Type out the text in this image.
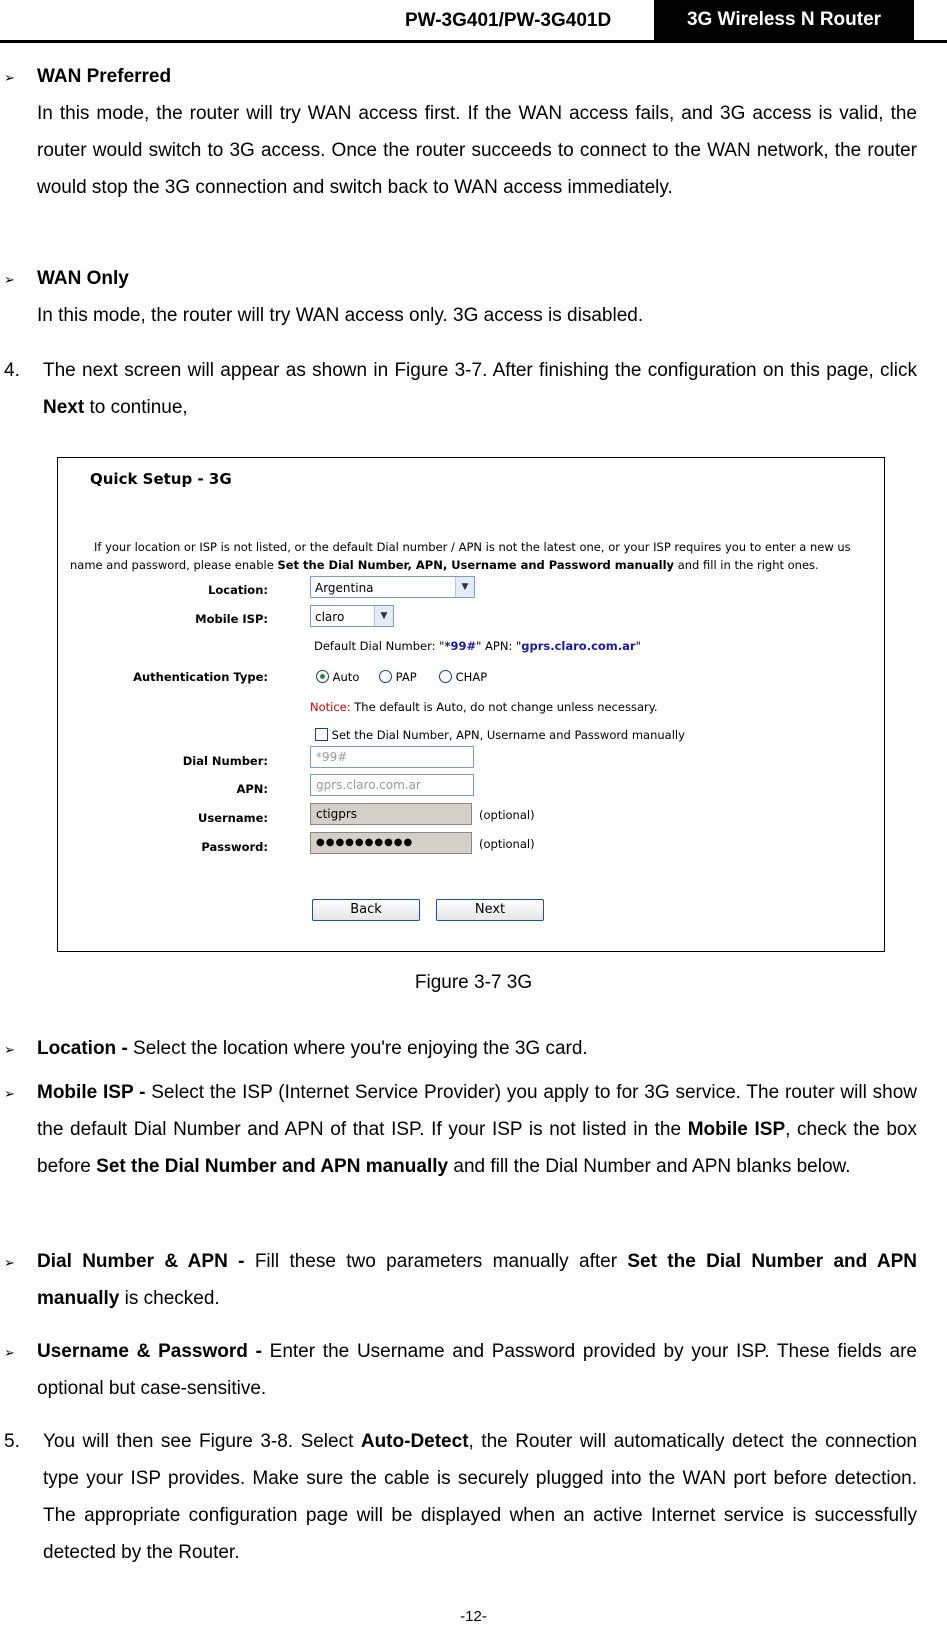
PW-3G401/PW-3G401D	3G Wireless N Router
➢ WAN Preferred
In this mode, the router will try WAN access first. If the WAN access fails, and 3G access is valid, the router would switch to 3G access. Once the router succeeds to connect to the WAN network, the router would stop the 3G connection and switch back to WAN access immediately.
➢ WAN Only
In this mode, the router will try WAN access only. 3G access is disabled.
4. The next screen will appear as shown in Figure 3-7. After finishing the configuration on this page, click Next to continue,
Quick Setup - 3G
If your location or ISP is not listed, or the default Dial number / APN is not the latest one, or your ISP requires you to enter a new us
name and password, please enable Set the Dial Number, APN, Username and Password manually and fill in the right ones.
Location:	Argentina	▼
Mobile ISP:	claro	▼
Default Dial Number: "*99#" APN: "gprs.claro.com.ar"
Authentication Type:	Auto	PAP	CHAP
Notice: The default is Auto, do not change unless necessary.
Set the Dial Number, APN, Username and Password manually
Dial Number:	*99#
APN:	gprs.claro.com.ar
Username:	ctigprs	(optional)
Password:	●●●●●●●●●●	(optional)
Back	Next
Figure 3-7 3G
➢ Location - Select the location where you're enjoying the 3G card.
➢ Mobile ISP - Select the ISP (Internet Service Provider) you apply to for 3G service. The router will show the default Dial Number and APN of that ISP. If your ISP is not listed in the Mobile ISP, check the box before Set the Dial Number and APN manually and fill the Dial Number and APN blanks below.
➢ Dial Number & APN - Fill these two parameters manually after Set the Dial Number and APN manually is checked.
➢ Username & Password - Enter the Username and Password provided by your ISP. These fields are optional but case-sensitive.
5. You will then see Figure 3-8. Select Auto-Detect, the Router will automatically detect the connection type your ISP provides. Make sure the cable is securely plugged into the WAN port before detection. The appropriate configuration page will be displayed when an active Internet service is successfully detected by the Router.
-12-
